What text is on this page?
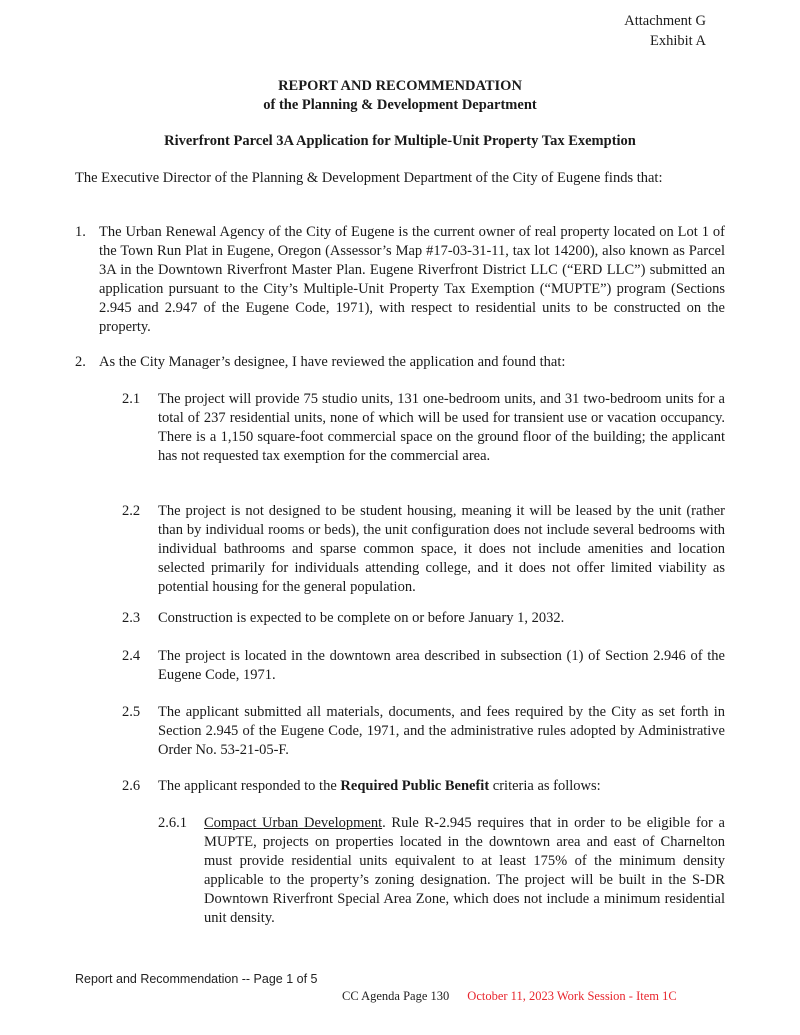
Attachment G
Exhibit A
REPORT AND RECOMMENDATION
of the Planning & Development Department
Riverfront Parcel 3A Application for Multiple-Unit Property Tax Exemption
The Executive Director of the Planning & Development Department of the City of Eugene finds that:
1. The Urban Renewal Agency of the City of Eugene is the current owner of real property located on Lot 1 of the Town Run Plat in Eugene, Oregon (Assessor’s Map #17-03-31-11, tax lot 14200), also known as Parcel 3A in the Downtown Riverfront Master Plan. Eugene Riverfront District LLC (“ERD LLC”) submitted an application pursuant to the City’s Multiple-Unit Property Tax Exemption (“MUPTE”) program (Sections 2.945 and 2.947 of the Eugene Code, 1971), with respect to residential units to be constructed on the property.
2. As the City Manager’s designee, I have reviewed the application and found that:
2.1 The project will provide 75 studio units, 131 one-bedroom units, and 31 two-bedroom units for a total of 237 residential units, none of which will be used for transient use or vacation occupancy. There is a 1,150 square-foot commercial space on the ground floor of the building; the applicant has not requested tax exemption for the commercial area.
2.2 The project is not designed to be student housing, meaning it will be leased by the unit (rather than by individual rooms or beds), the unit configuration does not include several bedrooms with individual bathrooms and sparse common space, it does not include amenities and location selected primarily for individuals attending college, and it does not offer limited viability as potential housing for the general population.
2.3 Construction is expected to be complete on or before January 1, 2032.
2.4 The project is located in the downtown area described in subsection (1) of Section 2.946 of the Eugene Code, 1971.
2.5 The applicant submitted all materials, documents, and fees required by the City as set forth in Section 2.945 of the Eugene Code, 1971, and the administrative rules adopted by Administrative Order No. 53-21-05-F.
2.6 The applicant responded to the Required Public Benefit criteria as follows:
2.6.1 Compact Urban Development. Rule R-2.945 requires that in order to be eligible for a MUPTE, projects on properties located in the downtown area and east of Charnelton must provide residential units equivalent to at least 175% of the minimum density applicable to the property’s zoning designation. The project will be built in the S-DR Downtown Riverfront Special Area Zone, which does not include a minimum residential unit density.
Report and Recommendation -- Page 1 of 5
CC Agenda Page 130 October 11, 2023 Work Session - Item 1C
